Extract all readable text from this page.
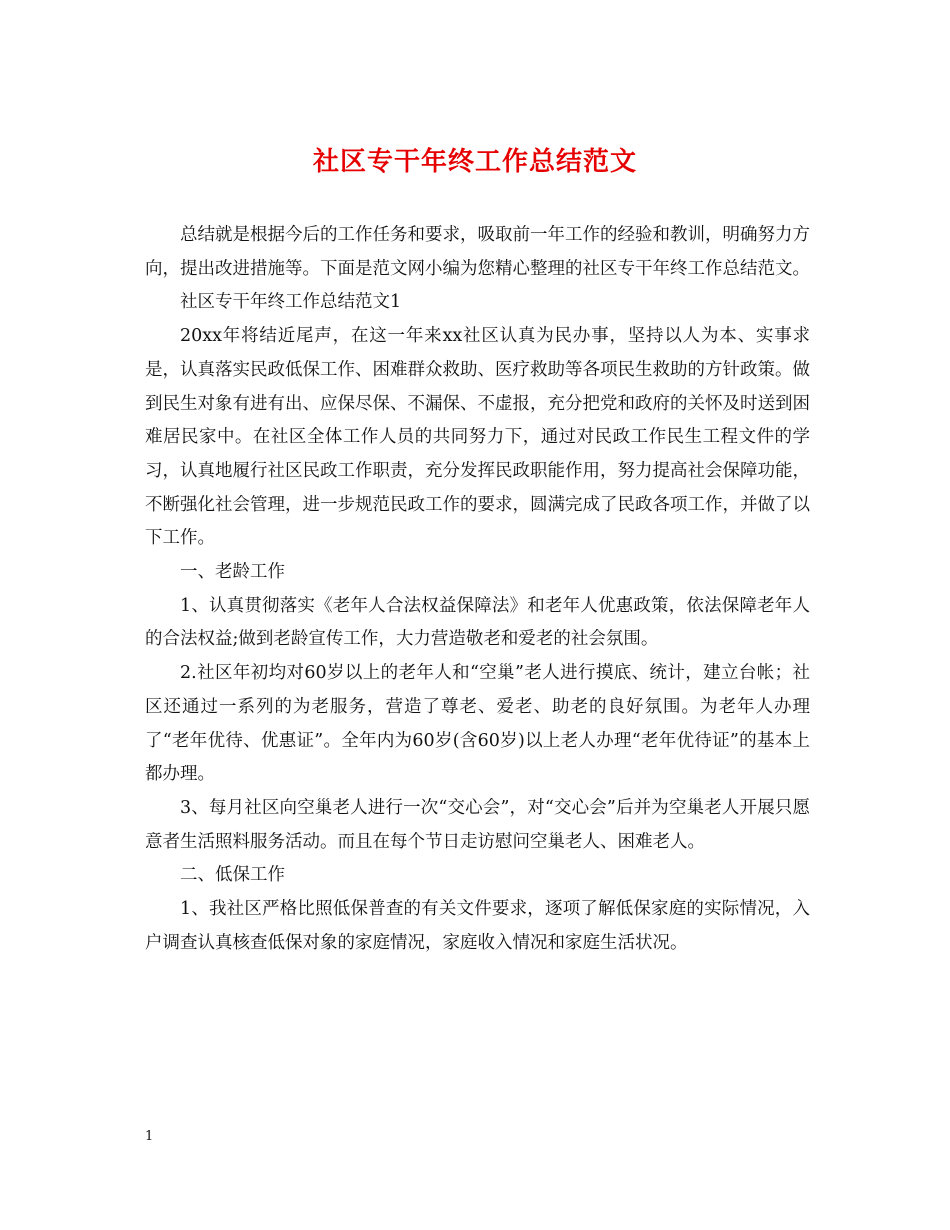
社区专干年终工作总结范文

总结就是根据今后的工作任务和要求，吸取前一年工作的经验和教训，明确努力方向，提出改进措施等。下面是范文网小编为您精心整理的社区专干年终工作总结范文。

社区专干年终工作总结范文1

20xx年将结近尾声，在这一年来xx社区认真为民办事，坚持以人为本、实事求是，认真落实民政低保工作、困难群众救助、医疗救助等各项民生救助的方针政策。做到民生对象有进有出、应保尽保、不漏保、不虚报，充分把党和政府的关怀及时送到困难居民家中。在社区全体工作人员的共同努力下，通过对民政工作民生工程文件的学习，认真地履行社区民政工作职责，充分发挥民政职能作用，努力提高社会保障功能，不断强化社会管理，进一步规范民政工作的要求，圆满完成了民政各项工作，并做了以下工作。

一、老龄工作

1、认真贯彻落实《老年人合法权益保障法》和老年人优惠政策，依法保障老年人的合法权益;做到老龄宣传工作，大力营造敬老和爱老的社会氛围。

2.社区年初均对60岁以上的老年人和“空巢”老人进行摸底、统计，建立台帐；社区还通过一系列的为老服务，营造了尊老、爱老、助老的良好氛围。为老年人办理了“老年优待、优惠证”。全年内为60岁(含60岁)以上老人办理“老年优待证”的基本上都办理。

3、每月社区向空巢老人进行一次“交心会”，对“交心会”后并为空巢老人开展只愿意者生活照料服务活动。而且在每个节日走访慰问空巢老人、困难老人。

二、低保工作

1、我社区严格比照低保普查的有关文件要求，逐项了解低保家庭的实际情况，入户调查认真核查低保对象的家庭情况，家庭收入情况和家庭生活状况。

1
